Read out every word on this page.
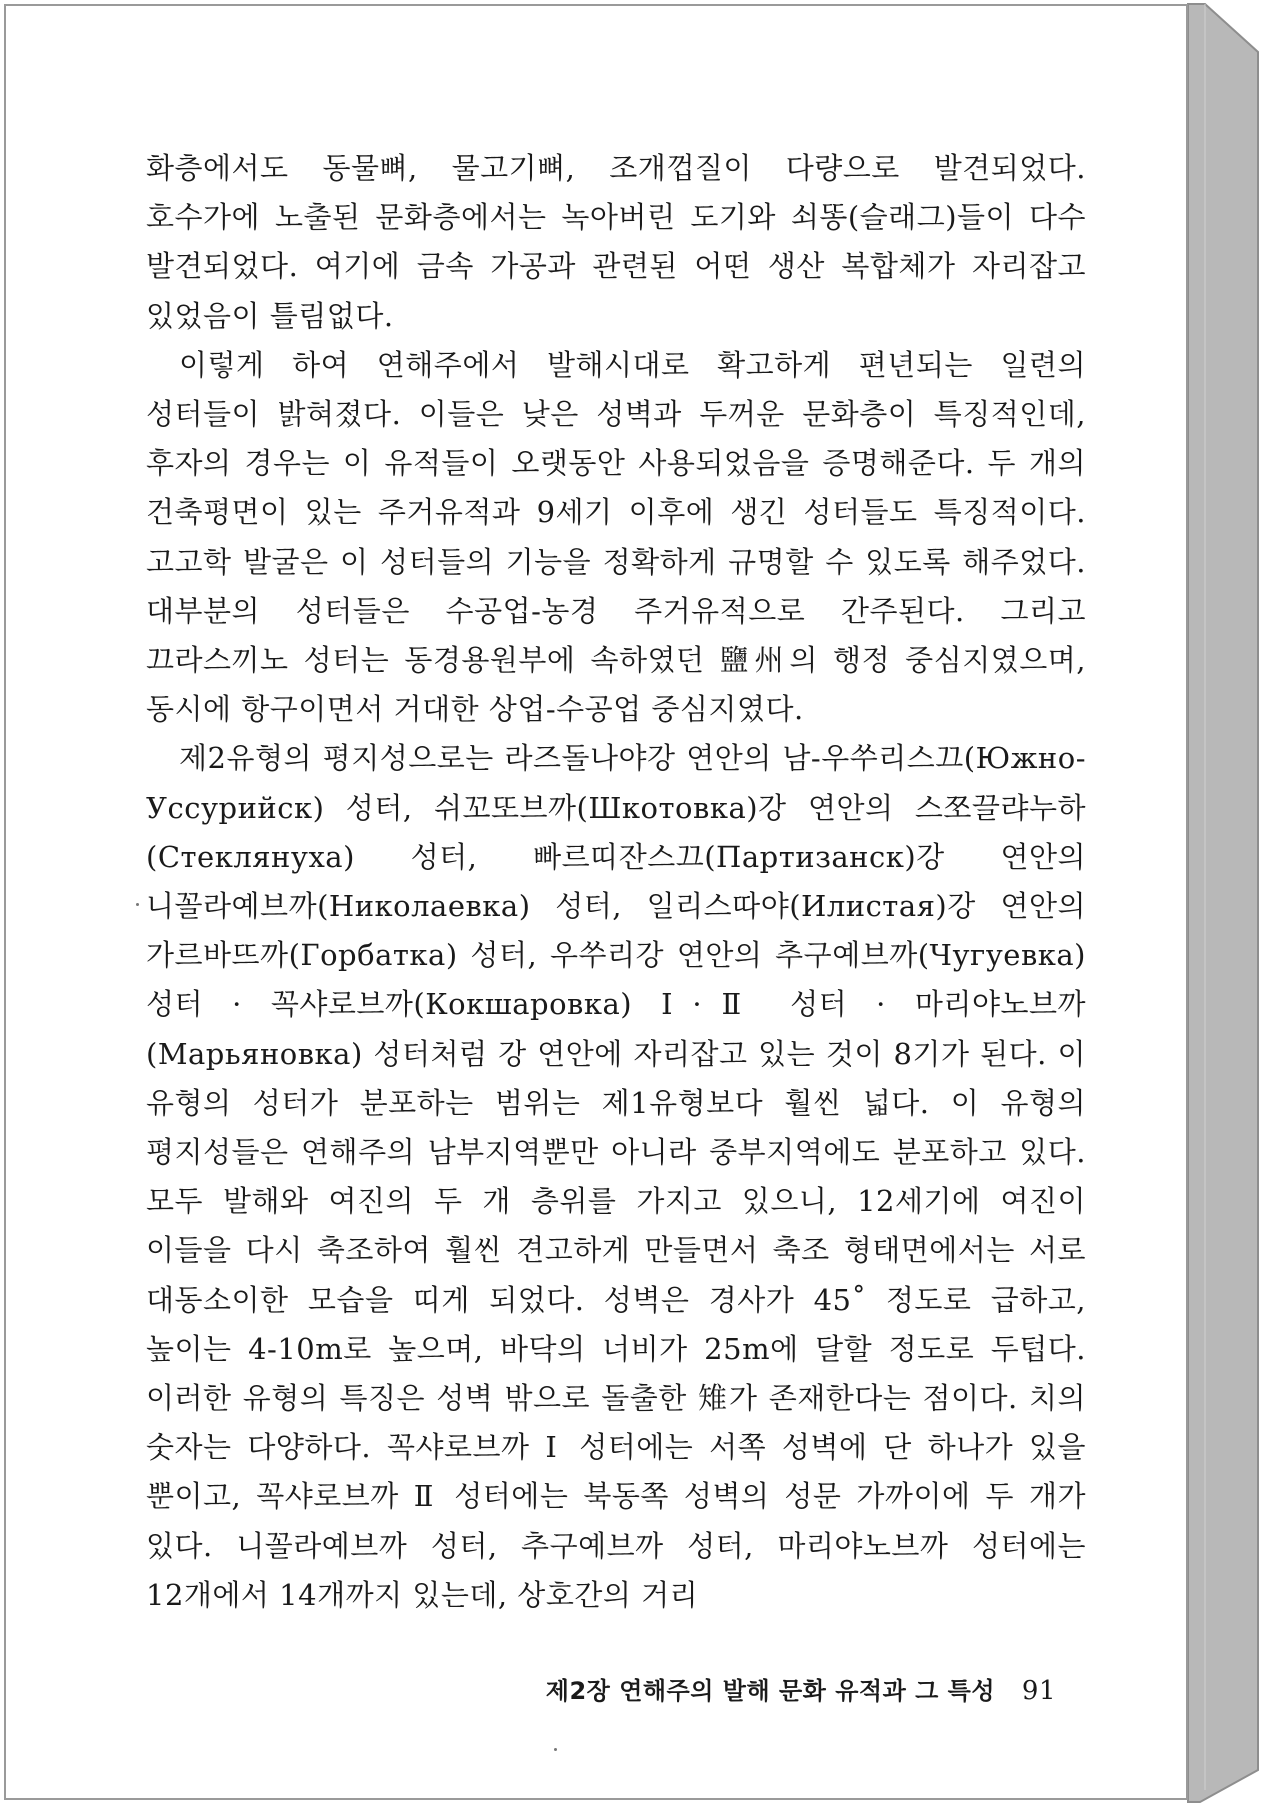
화층에서도 동물뼈, 물고기뼈, 조개껍질이 다량으로 발견되었다. 호수가에 노출된 문화층에서는 녹아버린 도기와 쇠똥(슬래그)들이 다수 발견되었다. 여기에 금속 가공과 관련된 어떤 생산 복합체가 자리잡고 있었음이 틀림없다.

이렇게 하여 연해주에서 발해시대로 확고하게 편년되는 일련의 성터들이 밝혀졌다. 이들은 낮은 성벽과 두꺼운 문화층이 특징적인데, 후자의 경우는 이 유적들이 오랫동안 사용되었음을 증명해준다. 두 개의 건축평면이 있는 주거유적과 9세기 이후에 생긴 성터들도 특징적이다. 고고학 발굴은 이 성터들의 기능을 정확하게 규명할 수 있도록 해주었다. 대부분의 성터들은 수공업-농경 주거유적으로 간주된다. 그리고 끄라스끼노 성터는 동경용원부에 속하였던 鹽州의 행정 중심지였으며, 동시에 항구이면서 거대한 상업-수공업 중심지였다.

제2유형의 평지성으로는 라즈돌나야강 연안의 남-우쑤리스끄(Южно-Уссурийск) 성터, 쉬꼬또브까(Шкотовка)강 연안의 스쪼끌랴누하(Стеклянуха) 성터, 빠르띠잔스끄(Партизанск)강 연안의 니꼴라예브까(Николаевка) 성터, 일리스따야(Илистая)강 연안의 가르바뜨까(Горбатка) 성터, 우쑤리강 연안의 추구예브까(Чугуевка) 성터 · 꼭샤로브까(Кокшаровка) Ⅰ·Ⅱ 성터 · 마리야노브까(Марьяновка) 성터처럼 강 연안에 자리잡고 있는 것이 8기가 된다. 이 유형의 성터가 분포하는 범위는 제1유형보다 훨씬 넓다. 이 유형의 평지성들은 연해주의 남부지역뿐만 아니라 중부지역에도 분포하고 있다. 모두 발해와 여진의 두 개 층위를 가지고 있으니, 12세기에 여진이 이들을 다시 축조하여 훨씬 견고하게 만들면서 축조 형태면에서는 서로 대동소이한 모습을 띠게 되었다. 성벽은 경사가 45˚ 정도로 급하고, 높이는 4-10m로 높으며, 바닥의 너비가 25m에 달할 정도로 두텁다. 이러한 유형의 특징은 성벽 밖으로 돌출한 雉가 존재한다는 점이다. 치의 숫자는 다양하다. 꼭샤로브까 Ⅰ 성터에는 서쪽 성벽에 단 하나가 있을 뿐이고, 꼭샤로브까 Ⅱ 성터에는 북동쪽 성벽의 성문 가까이에 두 개가 있다. 니꼴라예브까 성터, 추구예브까 성터, 마리야노브까 성터에는 12개에서 14개까지 있는데, 상호간의 거리

제2장 연해주의 발해 문화 유적과 그 특성 91
